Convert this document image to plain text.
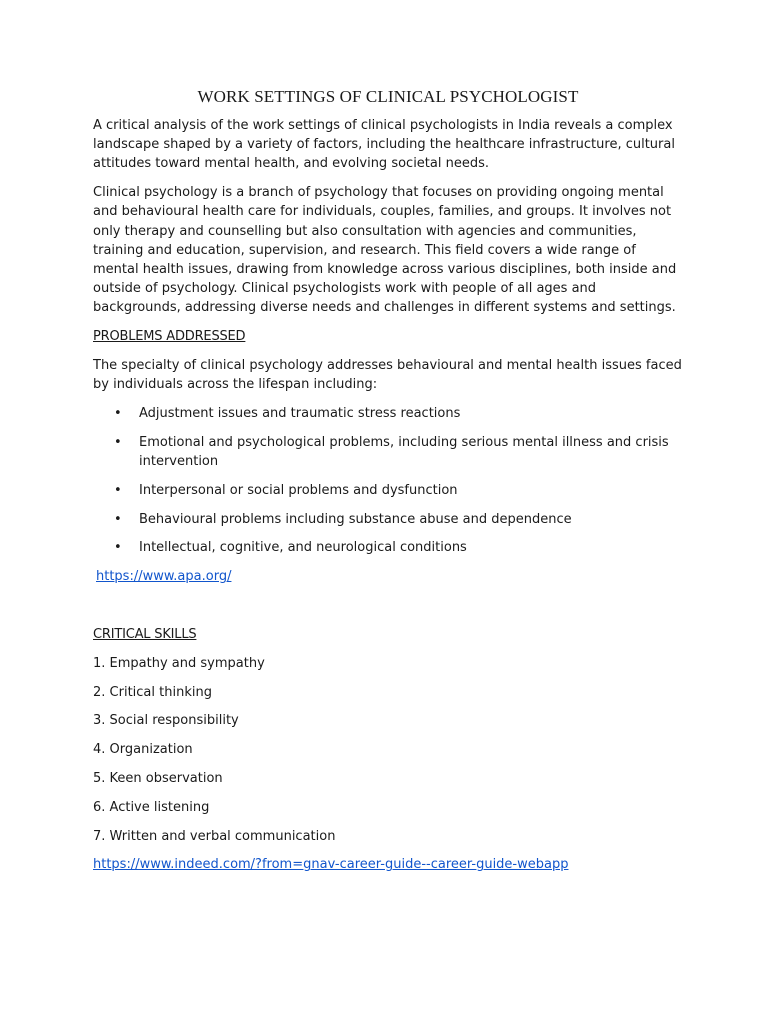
WORK SETTINGS OF CLINICAL PSYCHOLOGIST

A critical analysis of the work settings of clinical psychologists in India reveals a complex landscape shaped by a variety of factors, including the healthcare infrastructure, cultural attitudes toward mental health, and evolving societal needs.

Clinical psychology is a branch of psychology that focuses on providing ongoing mental and behavioural health care for individuals, couples, families, and groups. It involves not only therapy and counselling but also consultation with agencies and communities, training and education, supervision, and research. This field covers a wide range of mental health issues, drawing from knowledge across various disciplines, both inside and outside of psychology. Clinical psychologists work with people of all ages and backgrounds, addressing diverse needs and challenges in different systems and settings.

PROBLEMS ADDRESSED

The specialty of clinical psychology addresses behavioural and mental health issues faced by individuals across the lifespan including:

• Adjustment issues and traumatic stress reactions
• Emotional and psychological problems, including serious mental illness and crisis intervention
• Interpersonal or social problems and dysfunction
• Behavioural problems including substance abuse and dependence
• Intellectual, cognitive, and neurological conditions
https://www.apa.org/
CRITICAL SKILLS
1. Empathy and sympathy
2. Critical thinking
3. Social responsibility
4. Organization
5. Keen observation
6. Active listening
7. Written and verbal communication
https://www.indeed.com/?from=gnav-career-guide--career-guide-webapp
